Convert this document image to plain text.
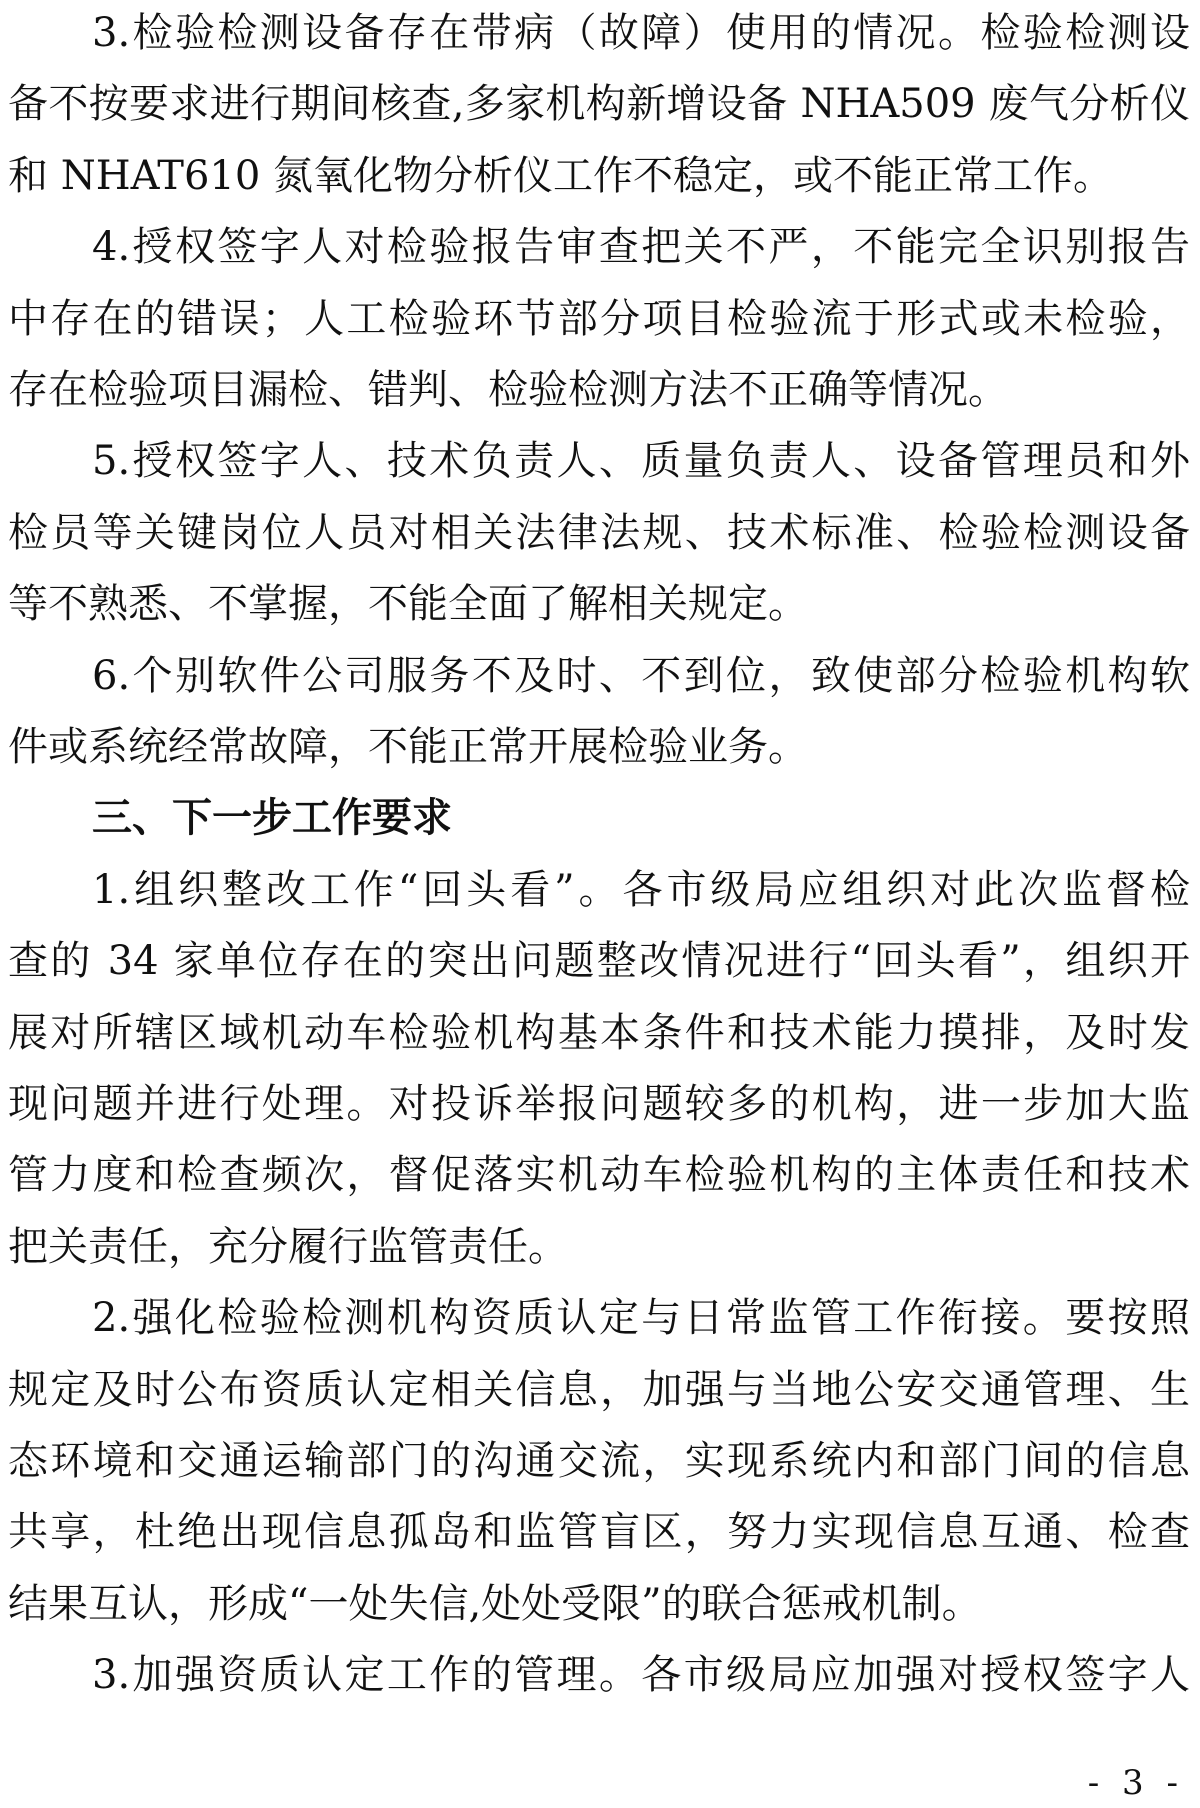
- 3 -
3.检验检测设备存在带病（故障）使用的情况。检验检测设
备不按要求进行期间核查,多家机构新增设备 NHA509 废气分析仪
和 NHAT610 氮氧化物分析仪工作不稳定，或不能正常工作。
4.授权签字人对检验报告审查把关不严，不能完全识别报告
中存在的错误；人工检验环节部分项目检验流于形式或未检验，
存在检验项目漏检、错判、检验检测方法不正确等情况。
5.授权签字人、技术负责人、质量负责人、设备管理员和外
检员等关键岗位人员对相关法律法规、技术标准、检验检测设备
等不熟悉、不掌握，不能全面了解相关规定。
6.个别软件公司服务不及时、不到位，致使部分检验机构软
件或系统经常故障，不能正常开展检验业务。
三、下一步工作要求
1.组织整改工作“回头看”。各市级局应组织对此次监督检
查的 34 家单位存在的突出问题整改情况进行“回头看”，组织开
展对所辖区域机动车检验机构基本条件和技术能力摸排，及时发
现问题并进行处理。对投诉举报问题较多的机构，进一步加大监
管力度和检查频次，督促落实机动车检验机构的主体责任和技术
把关责任，充分履行监管责任。
2.强化检验检测机构资质认定与日常监管工作衔接。要按照
规定及时公布资质认定相关信息，加强与当地公安交通管理、生
态环境和交通运输部门的沟通交流，实现系统内和部门间的信息
共享，杜绝出现信息孤岛和监管盲区，努力实现信息互通、检查
结果互认，形成“一处失信,处处受限”的联合惩戒机制。
3.加强资质认定工作的管理。各市级局应加强对授权签字人
